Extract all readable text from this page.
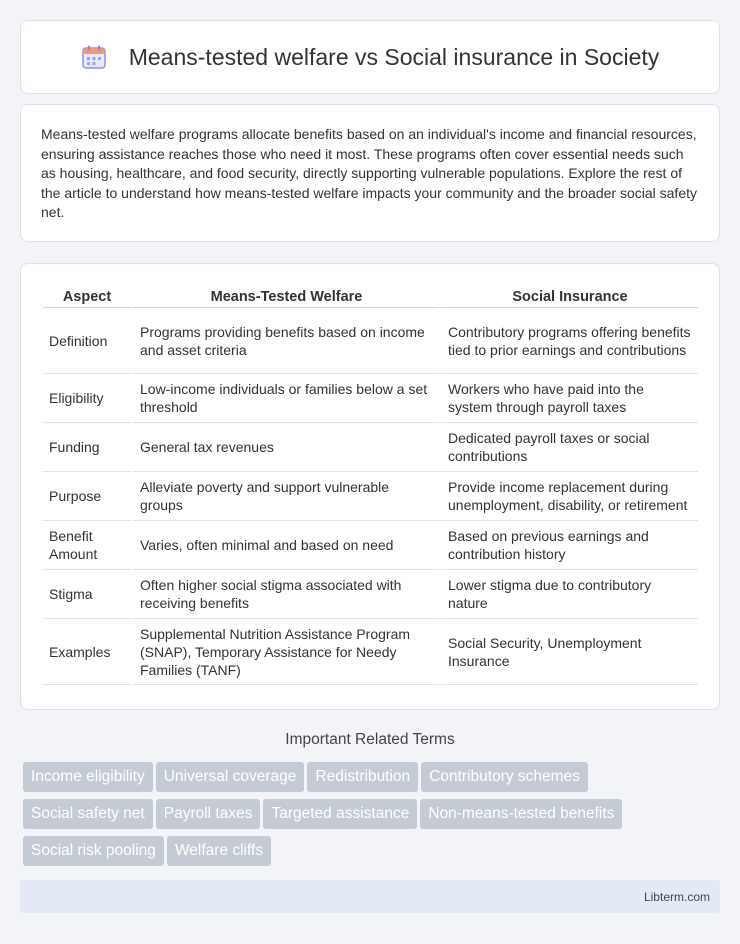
Means-tested welfare vs Social insurance in Society

Means-tested welfare programs allocate benefits based on an individual's income and financial resources, ensuring assistance reaches those who need it most. These programs often cover essential needs such as housing, healthcare, and food security, directly supporting vulnerable populations. Explore the rest of the article to understand how means-tested welfare impacts your community and the broader social safety net.

Aspect	Means-Tested Welfare	Social Insurance
Definition	Programs providing benefits based on income and asset criteria	Contributory programs offering benefits tied to prior earnings and contributions
Eligibility	Low-income individuals or families below a set threshold	Workers who have paid into the system through payroll taxes
Funding	General tax revenues	Dedicated payroll taxes or social contributions
Purpose	Alleviate poverty and support vulnerable groups	Provide income replacement during unemployment, disability, or retirement
Benefit Amount	Varies, often minimal and based on need	Based on previous earnings and contribution history
Stigma	Often higher social stigma associated with receiving benefits	Lower stigma due to contributory nature
Examples	Supplemental Nutrition Assistance Program (SNAP), Temporary Assistance for Needy Families (TANF)	Social Security, Unemployment Insurance
Important Related Terms
Income eligibility Universal coverage Redistribution Contributory schemes
Social safety net Payroll taxes Targeted assistance Non-means-tested benefits
Social risk pooling Welfare cliffs
Libterm.com
